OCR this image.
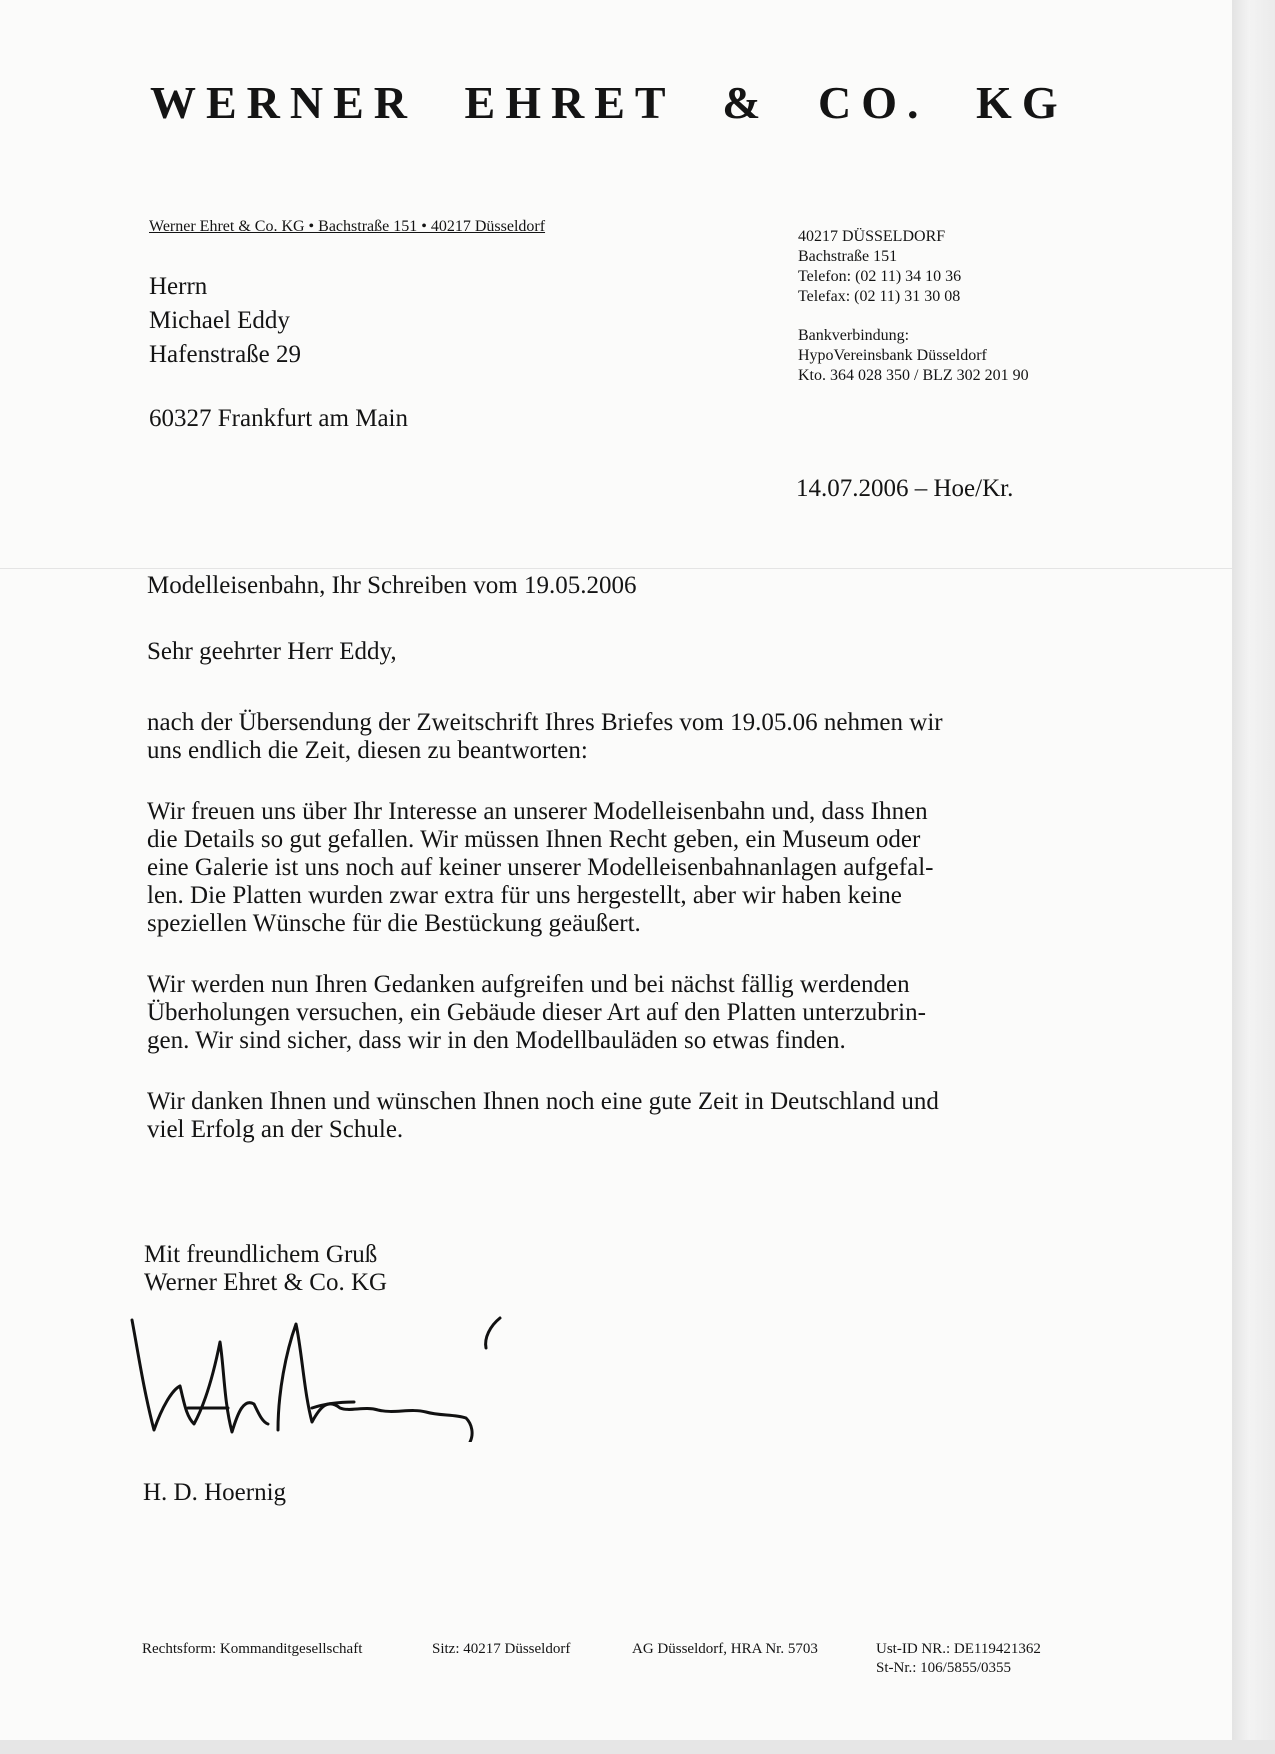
WERNER EHRET & CO. KG
Werner Ehret & Co. KG • Bachstraße 151 • 40217 Düsseldorf
Herrn
Michael Eddy
Hafenstraße 29
60327 Frankfurt am Main
40217 DÜSSELDORF
Bachstraße 151
Telefon: (02 11) 34 10 36
Telefax: (02 11) 31 30 08
Bankverbindung:
HypoVereinsbank Düsseldorf
Kto. 364 028 350 / BLZ 302 201 90
14.07.2006 – Hoe/Kr.
Modelleisenbahn, Ihr Schreiben vom 19.05.2006
Sehr geehrter Herr Eddy,

nach der Übersendung der Zweitschrift Ihres Briefes vom 19.05.06 nehmen wir
uns endlich die Zeit, diesen zu beantworten:

Wir freuen uns über Ihr Interesse an unserer Modelleisenbahn und, dass Ihnen
die Details so gut gefallen. Wir müssen Ihnen Recht geben, ein Museum oder
eine Galerie ist uns noch auf keiner unserer Modelleisenbahnanlagen aufgefal-
len. Die Platten wurden zwar extra für uns hergestellt, aber wir haben keine
speziellen Wünsche für die Bestückung geäußert.

Wir werden nun Ihren Gedanken aufgreifen und bei nächst fällig werdenden
Überholungen versuchen, ein Gebäude dieser Art auf den Platten unterzubrin-
gen. Wir sind sicher, dass wir in den Modellbauläden so etwas finden.

Wir danken Ihnen und wünschen Ihnen noch eine gute Zeit in Deutschland und
viel Erfolg an der Schule.

Mit freundlichem Gruß
Werner Ehret & Co. KG
H. D. Hoernig
Rechtsform: Kommanditgesellschaft	Sitz: 40217 Düsseldorf	AG Düsseldorf, HRA Nr. 5703	Ust-ID NR.: DE119421362
St-Nr.: 106/5855/0355
